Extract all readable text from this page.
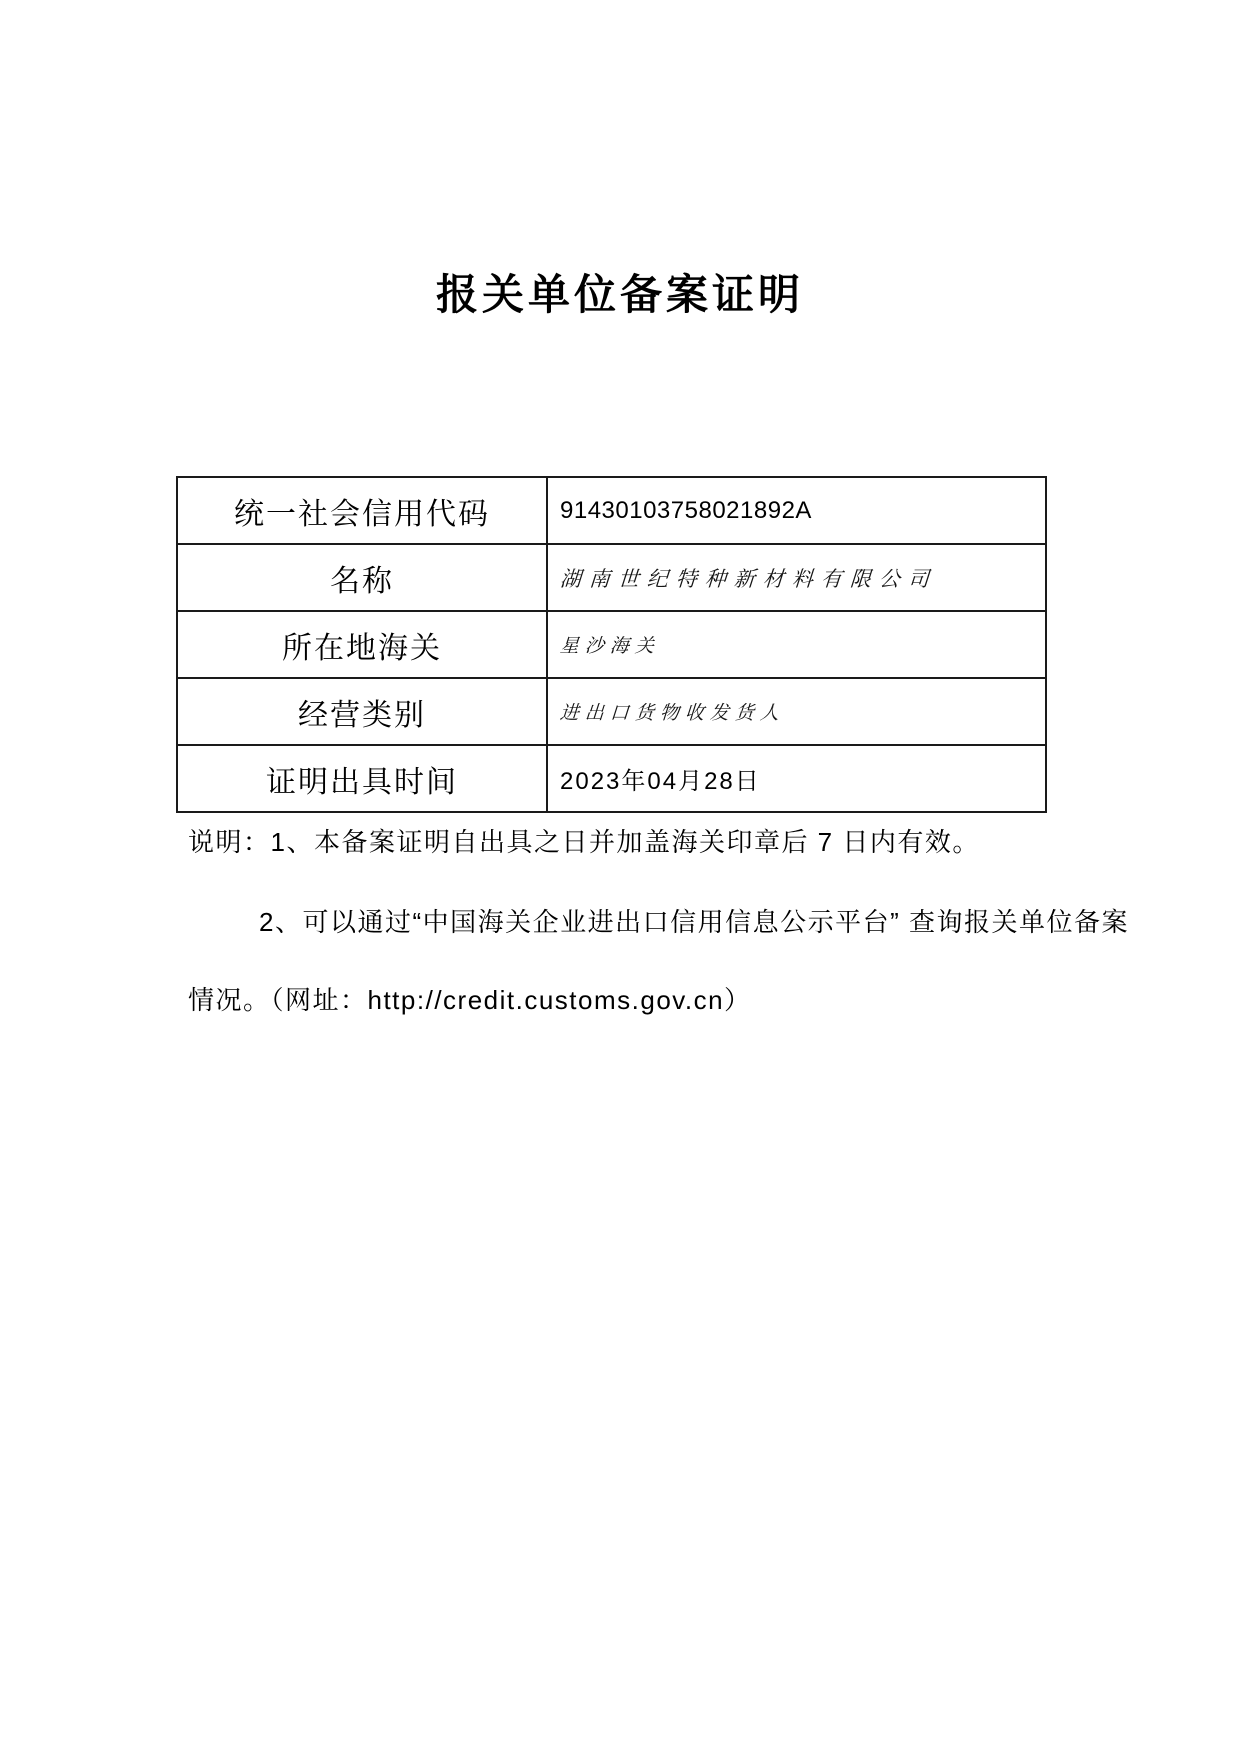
报关单位备案证明
统一社会信用代码	91430103758021892A
名称	湖南世纪特种新材料有限公司
所在地海关	星沙海关
经营类别	进出口货物收发货人
证明出具时间	2023年04月28日
说明：1、本备案证明自出具之日并加盖海关印章后 7 日内有效。
2、可以通过“中国海关企业进出口信用信息公示平台” 查询报关单位备案
情况。（网址：http://credit.customs.gov.cn）
